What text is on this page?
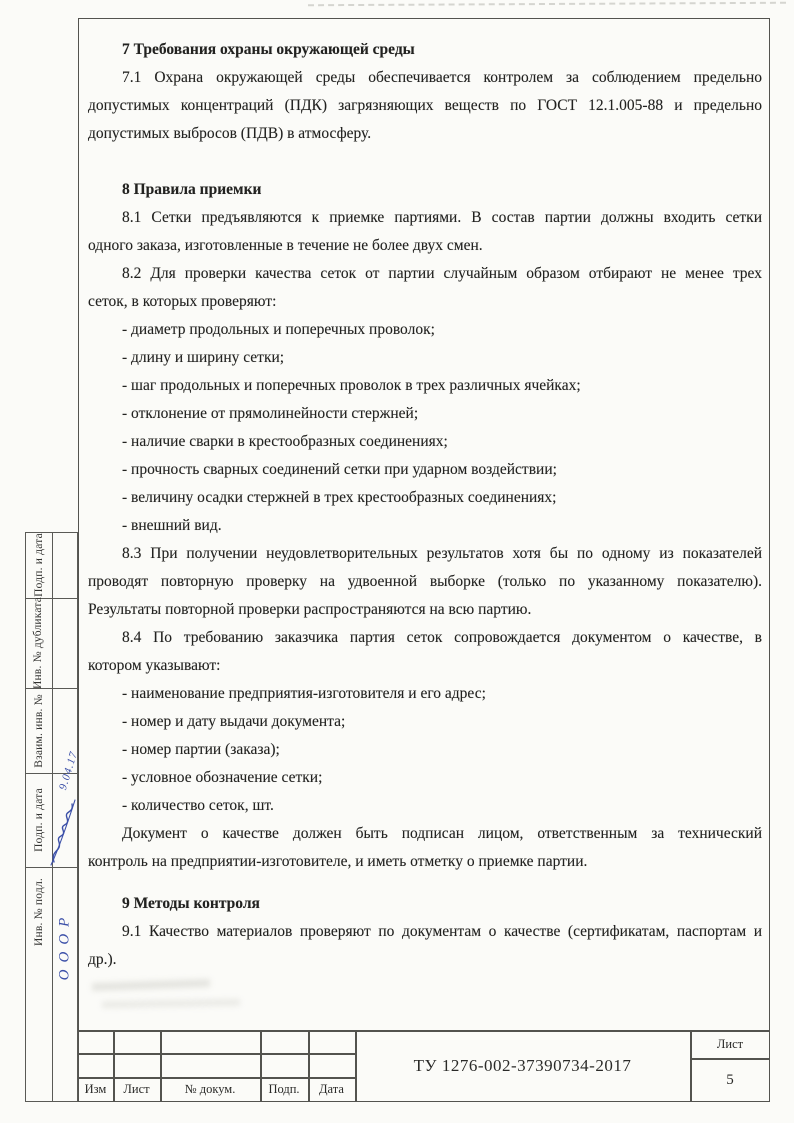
7 Требования охраны окружающей среды
7.1 Охрана окружающей среды обеспечивается контролем за соблюдением предельно
допустимых концентраций (ПДК) загрязняющих веществ по ГОСТ 12.1.005-88 и предельно
допустимых выбросов (ПДВ) в атмосферу.
8 Правила приемки
8.1 Сетки предъявляются к приемке партиями. В состав партии должны входить сетки
одного заказа, изготовленные в течение не более двух смен.
8.2 Для проверки качества сеток от партии случайным образом отбирают не менее трех
сеток, в которых проверяют:
- диаметр продольных и поперечных проволок;
- длину и ширину сетки;
- шаг продольных и поперечных проволок в трех различных ячейках;
- отклонение от прямолинейности стержней;
- наличие сварки в крестообразных соединениях;
- прочность сварных соединений сетки при ударном воздействии;
- величину осадки стержней в трех крестообразных соединениях;
- внешний вид.
8.3 При получении неудовлетворительных результатов хотя бы по одному из показателей
проводят повторную проверку на удвоенной выборке (только по указанному показателю).
Результаты повторной проверки распространяются на всю партию.
8.4 По требованию заказчика партия сеток сопровождается документом о качестве, в
котором указывают:
- наименование предприятия-изготовителя и его адрес;
- номер и дату выдачи документа;
- номер партии (заказа);
- условное обозначение сетки;
- количество сеток, шт.
Документ о качестве должен быть подписан лицом, ответственным за технический
контроль на предприятии-изготовителе, и иметь отметку о приемке партии.
9 Методы контроля
9.1 Качество материалов проверяют по документам о качестве (сертификатам, паспортам и
др.).
Подп. и дата
Инв. № дубликата
Взаим. инв. №
Подп. и дата
Инв. № подл.
9.04.17
ОООР
Изм	Лист	№ докум.	Подп.	Дата
ТУ 1276-002-37390734-2017
Лист
5
